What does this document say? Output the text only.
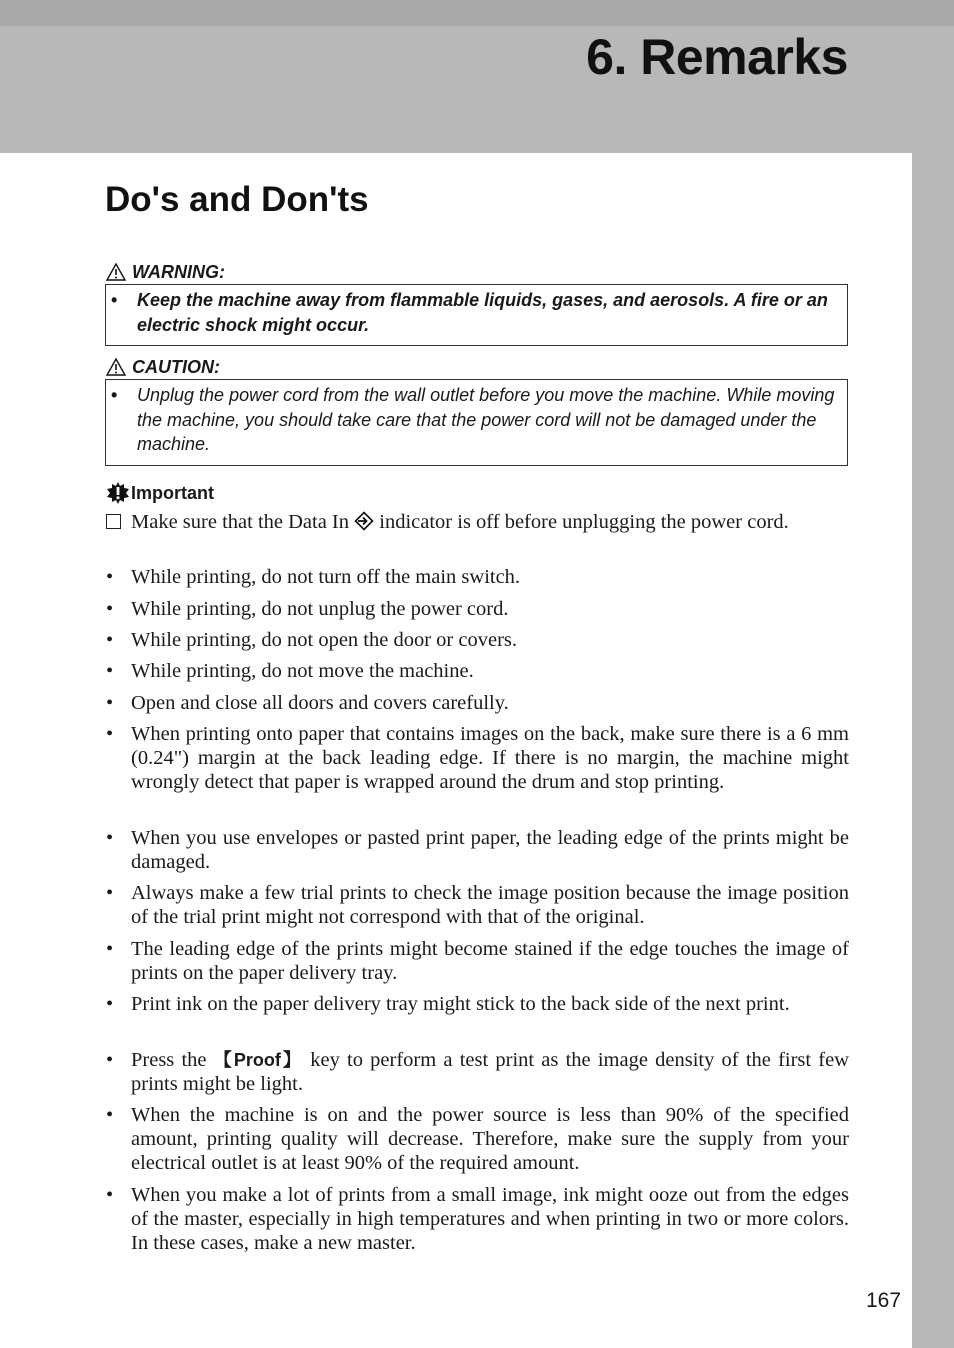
6. Remarks
Do's and Don'ts
WARNING:
• Keep the machine away from flammable liquids, gases, and aerosols. A fire or an electric shock might occur.
CAUTION:
• Unplug the power cord from the wall outlet before you move the machine. While moving the machine, you should take care that the power cord will not be damaged under the machine.
Important
Make sure that the Data In indicator is off before unplugging the power cord.
• While printing, do not turn off the main switch.
• While printing, do not unplug the power cord.
• While printing, do not open the door or covers.
• While printing, do not move the machine.
• Open and close all doors and covers carefully.
• When printing onto paper that contains images on the back, make sure there is a 6 mm (0.24") margin at the back leading edge. If there is no margin, the machine might wrongly detect that paper is wrapped around the drum and stop printing.
• When you use envelopes or pasted print paper, the leading edge of the prints might be damaged.
• Always make a few trial prints to check the image position because the image position of the trial print might not correspond with that of the original.
• The leading edge of the prints might become stained if the edge touches the image of prints on the paper delivery tray.
• Print ink on the paper delivery tray might stick to the back side of the next print.
• Press the 【Proof】 key to perform a test print as the image density of the first few prints might be light.
• When the machine is on and the power source is less than 90% of the specified amount, printing quality will decrease. Therefore, make sure the supply from your electrical outlet is at least 90% of the required amount.
• When you make a lot of prints from a small image, ink might ooze out from the edges of the master, especially in high temperatures and when printing in two or more colors. In these cases, make a new master.
167
